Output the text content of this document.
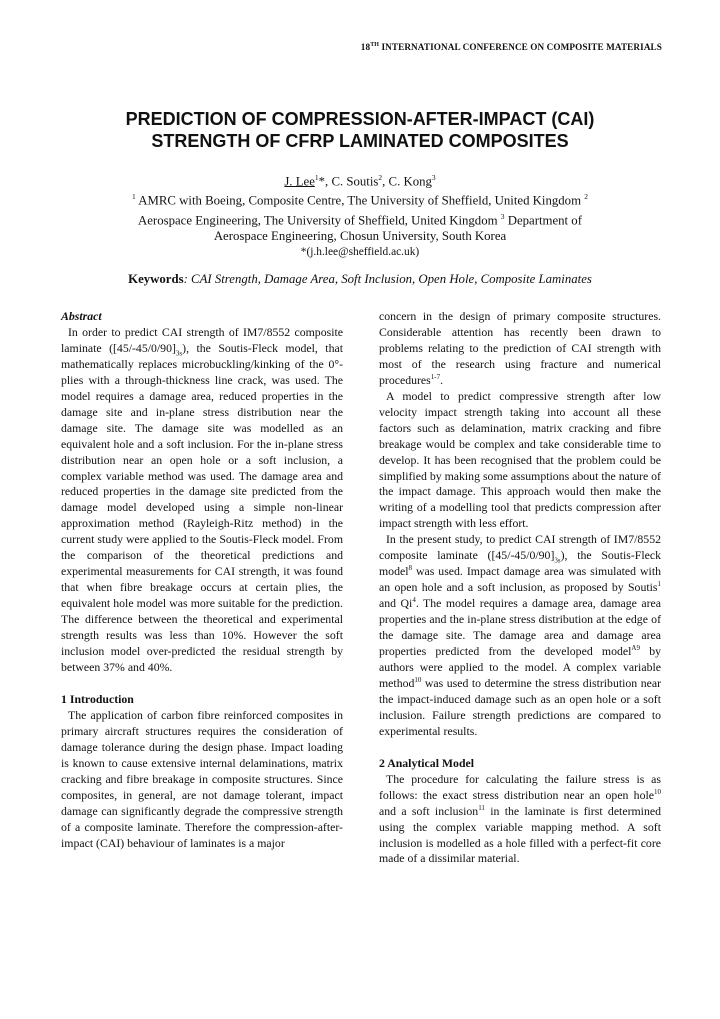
18TH INTERNATIONAL CONFERENCE ON COMPOSITE MATERIALS
PREDICTION OF COMPRESSION-AFTER-IMPACT (CAI)
STRENGTH OF CFRP LAMINATED COMPOSITES
J. Lee$^1$*, C. Soutis$^2$, C. Kong$^3$
$^1$ AMRC with Boeing, Composite Centre, The University of Sheffield, United Kingdom $^2$
Aerospace Engineering, The University of Sheffield, United Kingdom $^3$ Department of
Aerospace Engineering, Chosun University, South Korea
*(j.h.lee@sheffield.ac.uk)
Keywords: CAI Strength, Damage Area, Soft Inclusion, Open Hole, Composite Laminates

Abstract

In order to predict CAI strength of IM7/8552 composite laminate $([45/-45/0/90]_{3s})$, the Soutis-Fleck model, that mathematically replaces microbuckling/kinking of the 0°-plies with a through-thickness line crack, was used. The model requires a damage area, reduced properties in the damage site and in-plane stress distribution near the damage site. The damage site was modelled as an equivalent hole and a soft inclusion. For the in-plane stress distribution near an open hole or a soft inclusion, a complex variable method was used. The damage area and reduced properties in the damage site predicted from the damage model developed using a simple non-linear approximation method (Rayleigh-Ritz method) in the current study were applied to the Soutis-Fleck model. From the comparison of the theoretical predictions and experimental measurements for CAI strength, it was found that when fibre breakage occurs at certain plies, the equivalent hole model was more suitable for the prediction. The difference between the theoretical and experimental strength results was less than 10%. However the soft inclusion model over-predicted the residual strength by between 37% and 40%.

1 Introduction

The application of carbon fibre reinforced composites in primary aircraft structures requires the consideration of damage tolerance during the design phase. Impact loading is known to cause extensive internal delaminations, matrix cracking and fibre breakage in composite structures. Since composites, in general, are not damage tolerant, impact damage can significantly degrade the compressive strength of a composite laminate. Therefore the compression-after-impact (CAI) behaviour of laminates is a major

concern in the design of primary composite structures. Considerable attention has recently been drawn to problems relating to the prediction of CAI strength with most of the research using fracture and numerical procedures$^{1-7}$.

A model to predict compressive strength after low velocity impact strength taking into account all these factors such as delamination, matrix cracking and fibre breakage would be complex and take considerable time to develop. It has been recognised that the problem could be simplified by making some assumptions about the nature of the impact damage. This approach would then make the writing of a modelling tool that predicts compression after impact strength with less effort.

In the present study, to predict CAI strength of IM7/8552 composite laminate $([45/-45/0/90]_{3s})$, the Soutis-Fleck model$^8$ was used. Impact damage area was simulated with an open hole and a soft inclusion, as proposed by Soutis$^1$ and Qi$^4$. The model requires a damage area, damage area properties and the in-plane stress distribution at the edge of the damage site. The damage area and damage area properties predicted from the developed model$^{A9}$ by authors were applied to the model. A complex variable method$^{10}$ was used to determine the stress distribution near the impact-induced damage such as an open hole or a soft inclusion. Failure strength predictions are compared to experimental results.

2 Analytical Model

The procedure for calculating the failure stress is as follows: the exact stress distribution near an open hole$^{10}$ and a soft inclusion$^{11}$ in the laminate is first determined using the complex variable mapping method. A soft inclusion is modelled as a hole filled with a perfect-fit core made of a dissimilar material.
